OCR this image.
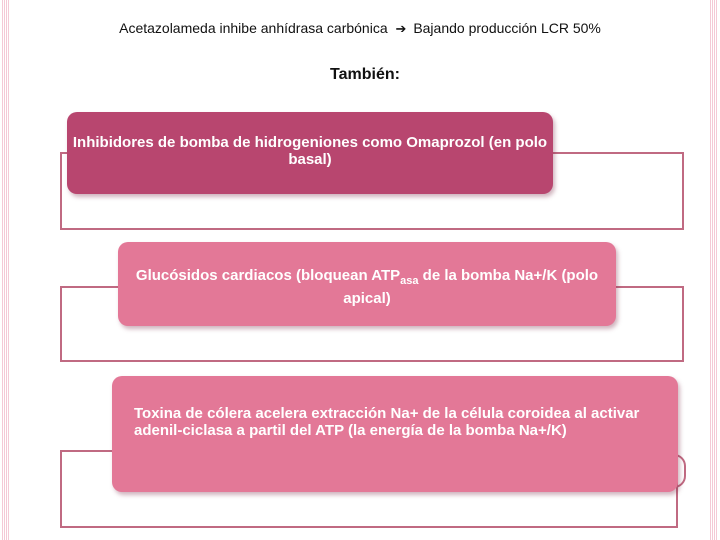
Acetazolameda inhibe anhídrasa carbónica ➔ Bajando producción LCR 50%
También:
Inhibidores de bomba de hidrogeniones como Omaprozol (en polo basal)
Glucósidos cardiacos (bloquean $ATP_{asa}$ de la bomba Na+/K (polo apical)
Toxina de cólera acelera extracción Na+ de la célula coroidea al activar adenil-ciclasa a partil del ATP (la energía de la bomba Na+/K)
